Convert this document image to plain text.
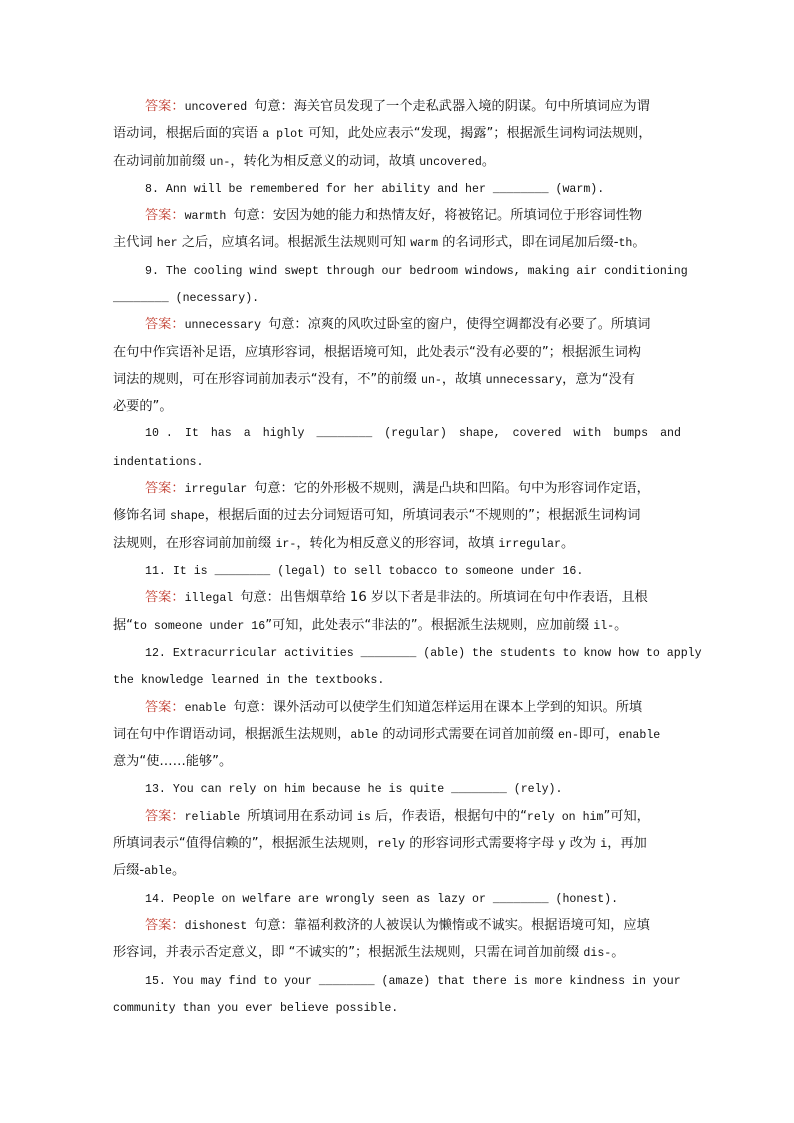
答案：uncovered 句意：海关官员发现了一个走私武器入境的阴谋。句中所填词应为谓
语动词，根据后面的宾语 a plot 可知，此处应表示“发现，揭露”；根据派生词构词法规则，
在动词前加前缀 un-，转化为相反意义的动词，故填 uncovered。
8. Ann will be remembered for her ability and her ________ (warm).
答案：warmth 句意：安因为她的能力和热情友好，将被铭记。所填词位于形容词性物
主代词 her 之后，应填名词。根据派生法规则可知 warm 的名词形式，即在词尾加后缀-th。
9. The cooling wind swept through our bedroom windows, making air conditioning
________ (necessary).
答案：unnecessary 句意：凉爽的风吹过卧室的窗户，使得空调都没有必要了。所填词
在句中作宾语补足语，应填形容词，根据语境可知，此处表示“没有必要的”；根据派生词构
词法的规则，可在形容词前加表示“没有，不”的前缀 un-，故填 unnecessary，意为“没有
必要的”。
10 . It has a highly ________ (regular) shape, covered with bumps and
indentations.
答案：irregular 句意：它的外形极不规则，满是凸块和凹陷。句中为形容词作定语，
修饰名词 shape，根据后面的过去分词短语可知，所填词表示“不规则的”；根据派生词构词
法规则，在形容词前加前缀 ir-，转化为相反意义的形容词，故填 irregular。
11. It is ________ (legal) to sell tobacco to someone under 16.
答案：illegal 句意：出售烟草给 16 岁以下者是非法的。所填词在句中作表语，且根
据“to someone under 16”可知，此处表示“非法的”。根据派生法规则，应加前缀 il-。
12. Extracurricular activities ________ (able) the students to know how to apply
the knowledge learned in the textbooks.
答案：enable 句意：课外活动可以使学生们知道怎样运用在课本上学到的知识。所填
词在句中作谓语动词，根据派生法规则，able 的动词形式需要在词首加前缀 en-即可，enable
意为“使……能够”。
13. You can rely on him because he is quite ________ (rely).
答案：reliable 所填词用在系动词 is 后，作表语，根据句中的“rely on him”可知，
所填词表示“值得信赖的”，根据派生法规则，rely 的形容词形式需要将字母 y 改为 i，再加
后缀-able。
14. People on welfare are wrongly seen as lazy or ________ (honest).
答案：dishonest 句意：靠福利救济的人被误认为懒惰或不诚实。根据语境可知，应填
形容词，并表示否定意义，即 “不诚实的”；根据派生法规则，只需在词首加前缀 dis-。
15. You may find to your ________ (amaze) that there is more kindness in your
community than you ever believe possible.
